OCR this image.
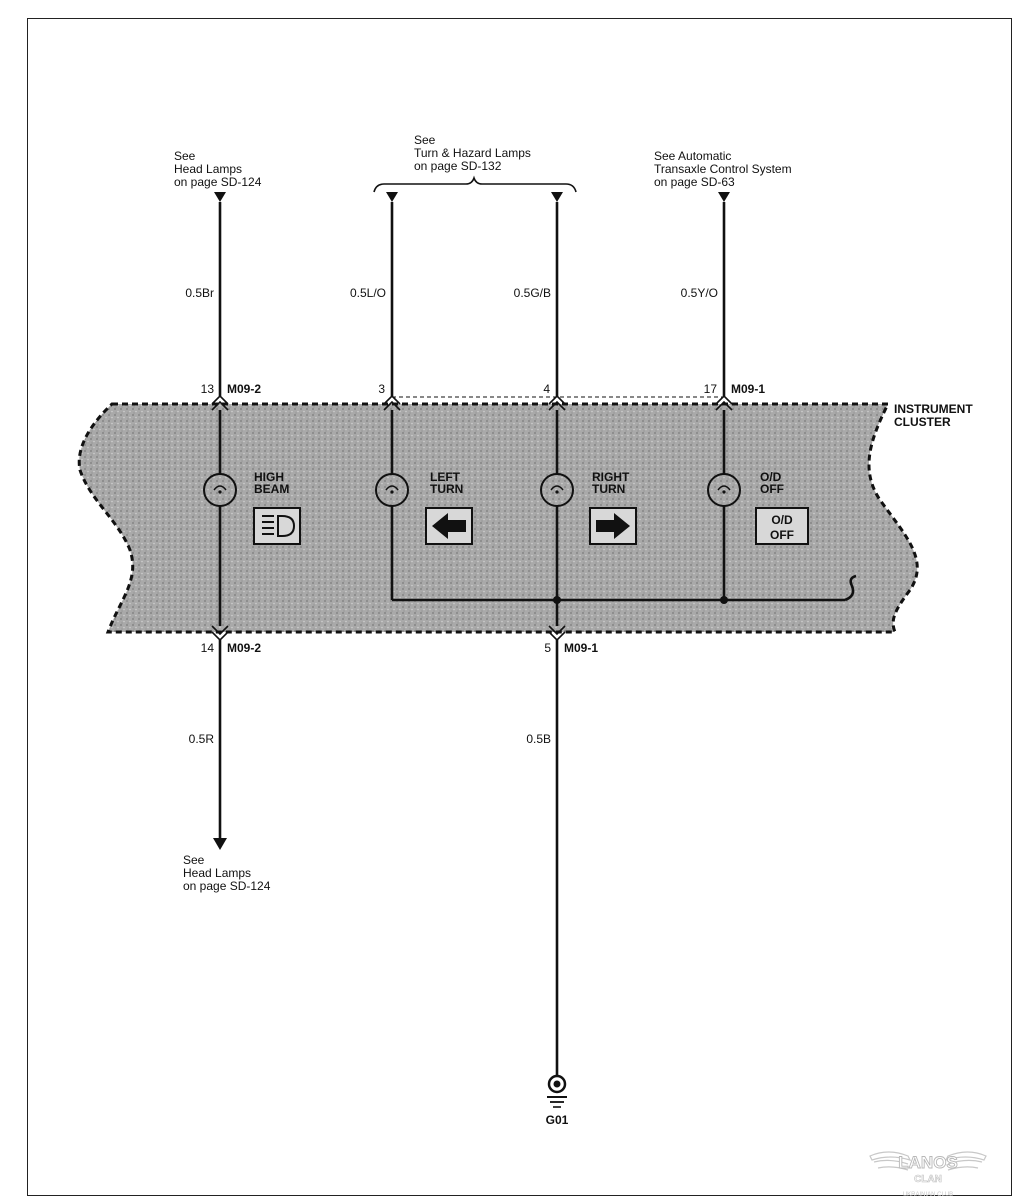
O/D
OFF
See
Head Lamps
on page SD-124
See
Turn & Hazard Lamps
on page SD-132
See Automatic
Transaxle Control System
on page SD-63
0.5Br	0.5L/O	0.5G/B	0.5Y/O
0.5R	0.5B
13 M09-2	3	4	17 M09-1
14 M09-2	5 M09-1
INSTRUMENT
CLUSTER
HIGH
BEAM
LEFT
TURN
RIGHT
TURN
O/D
OFF
See
Head Lamps
on page SD-124
G01
LANOS
CLAN
UKRAINIAN CLUB
